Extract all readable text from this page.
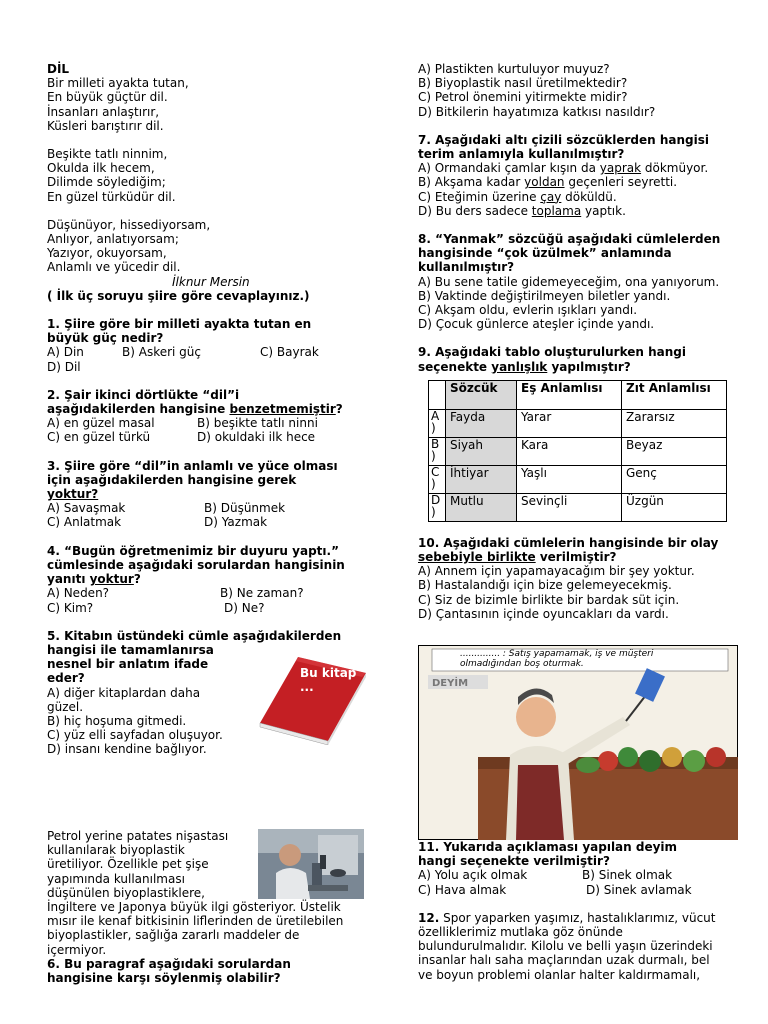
DİL
Bir milleti ayakta tutan,
En büyük güçtür dil.
İnsanları anlaştırır,
Küsleri barıştırır dil.
Beşikte tatlı ninnim,
Okulda ilk hecem,
Dilimde söylediğim;
En güzel türküdür dil.
Düşünüyor, hissediyorsam,
Anlıyor, anlatıyorsam;
Yazıyor, okuyorsam,
Anlamlı ve yücedir dil.
İlknur Mersin
( İlk üç soruyu şiire göre cevaplayınız.)
1. Şiire göre bir milleti ayakta tutan en
büyük güç nedir?
A) Din	B) Askeri güç	C) Bayrak
D) Dil
2. Şair ikinci dörtlükte “dil”i
aşağıdakilerden hangisine benzetmemiştir?
A) en güzel masal	B) beşikte tatlı ninni
C) en güzel türkü	D) okuldaki ilk hece
3. Şiire göre “dil”in anlamlı ve yüce olması
için aşağıdakilerden hangisine gerek
yoktur?
A) Savaşmak	B) Düşünmek
C) Anlatmak	D) Yazmak
4. “Bugün öğretmenimiz bir duyuru yaptı.”
cümlesinde aşağıdaki sorulardan hangisinin
yanıtı yoktur?
A) Neden?	B) Ne zaman?
C) Kim?	D) Ne?
5. Kitabın üstündeki cümle aşağıdakilerden
hangisi ile tamamlanırsa
nesnel bir anlatım ifade
eder?
A) diğer kitaplardan daha
güzel.
B) hiç hoşuma gitmedi.
C) yüz elli sayfadan oluşuyor.
D) insanı kendine bağlıyor.
Bu kitap
...
Petrol yerine patates nişastası
kullanılarak biyoplastik
üretiliyor. Özellikle pet şişe
yapımında kullanılması
düşünülen biyoplastiklere,
İngiltere ve Japonya büyük ilgi gösteriyor. Üstelik
mısır ile kenaf bitkisinin liflerinden de üretilebilen
biyoplastikler, sağlığa zararlı maddeler de
içermiyor.
6. Bu paragraf aşağıdaki sorulardan
hangisine karşı söylenmiş olabilir?
A) Plastikten kurtuluyor muyuz?
B) Biyoplastik nasıl üretilmektedir?
C) Petrol önemini yitirmekte midir?
D) Bitkilerin hayatımıza katkısı nasıldır?
7. Aşağıdaki altı çizili sözcüklerden hangisi
terim anlamıyla kullanılmıştır?
A) Ormandaki çamlar kışın da yaprak dökmüyor.
B) Akşama kadar yoldan geçenleri seyretti.
C) Eteğimin üzerine çay döküldü.
D) Bu ders sadece toplama yaptık.
8. “Yanmak” sözcüğü aşağıdaki cümlelerden
hangisinde “çok üzülmek” anlamında
kullanılmıştır?
A) Bu sene tatile gidemeyeceğim, ona yanıyorum.
B) Vaktinde değiştirilmeyen biletler yandı.
C) Akşam oldu, evlerin ışıkları yandı.
D) Çocuk günlerce ateşler içinde yandı.
9. Aşağıdaki tablo oluşturulurken hangi
seçenekte yanlışlık yapılmıştır?
	Sözcük	Eş Anlamlısı	Zıt Anlamlısı
A )	Fayda	Yarar	Zararsız
B )	Siyah	Kara	Beyaz
C )	İhtiyar	Yaşlı	Genç
D )	Mutlu	Sevinçli	Üzgün
10. Aşağıdaki cümlelerin hangisinde bir olay
sebebiyle birlikte verilmiştir?
A) Annem için yapamayacağım bir şey yoktur.
B) Hastalandığı için bize gelemeyecekmiş.
C) Siz de bizimle birlikte bir bardak süt için.
D) Çantasının içinde oyuncakları da vardı.
DEYİM
.............. : Satış yapamamak, iş ve müşteri
olmadığından boş oturmak.
11. Yukarıda açıklaması yapılan deyim
hangi seçenekte verilmiştir?
A) Yolu açık olmak	B) Sinek olmak
C) Hava almak	D) Sinek avlamak
12. Spor yaparken yaşımız, hastalıklarımız, vücut
özelliklerimiz mutlaka göz önünde
bulundurulmalıdır. Kilolu ve belli yaşın üzerindeki
insanlar halı saha maçlarından uzak durmalı, bel
ve boyun problemi olanlar halter kaldırmamalı,
